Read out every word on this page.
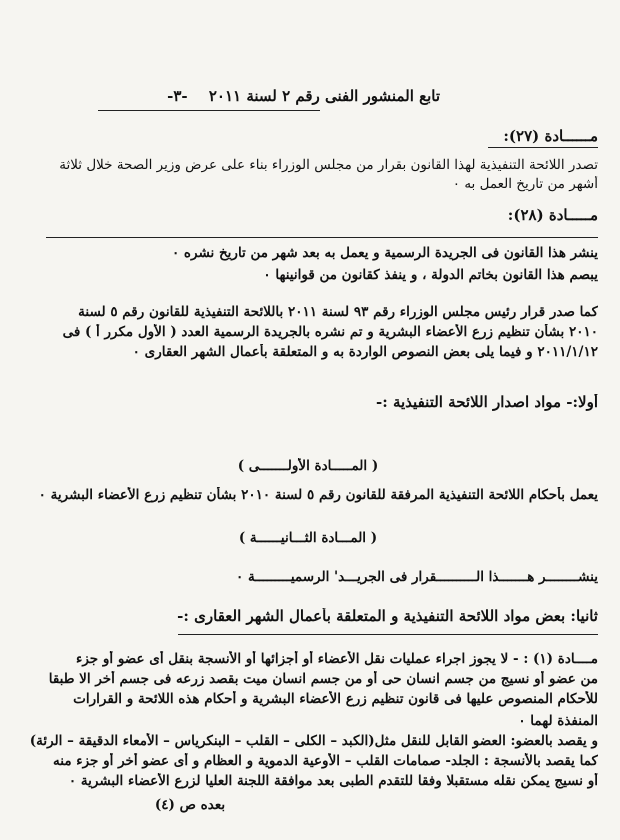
تابع المنشور الفنى رقم ٢ لسنة ٢٠١١ -٣-
مــــــادة (٢٧):
تصدر اللائحة التنفيذية لهذا القانون بقرار من مجلس الوزراء بناء على عرض وزير الصحة خلال ثلاثة
أشهر من تاريخ العمل به ٠
مـــــادة (٢٨):
ينشر هذا القانون فى الجريدة الرسمية و يعمل به بعد شهر من تاريخ نشره ٠
يبصم هذا القانون بخاتم الدولة ، و ينفذ كقانون من قوانينها ٠
كما صدر قرار رئيس مجلس الوزراء رقم ٩٣ لسنة ٢٠١١ باللائحة التنفيذية للقانون رقم ٥ لسنة
٢٠١٠ بشأن تنظيم زرع الأعضاء البشرية و تم نشره بالجريدة الرسمية العدد ( الأول مكرر أ ) فى
٢٠١١/١/١٢ و فيما يلى بعض النصوص الواردة به و المتعلقة بأعمال الشهر العقارى ٠
أولا:- مواد اصدار اللائحة التنفيذية :-
( المـــــادة الأولـــــــى )
يعمل بأحكام اللائحة التنفيذية المرفقة للقانون رقم ٥ لسنة ٢٠١٠ بشأن تنظيم زرع الأعضاء البشرية ٠
( المـــادة الثـــانيــــــة )
ينشــــــــر هـــــــذا الــــــــــقرار فى الجريـــد' الرسميـــــــــة ٠
ثانيا: بعض مواد اللائحة التنفيذية و المتعلقة بأعمال الشهر العقارى :-
مــــادة (١) : - لا يجوز اجراء عمليات نقل الأعضاء أو أجزائها أو الأنسجة بنقل أى عضو أو جزء
من عضو أو نسيج من جسم انسان حى أو من جسم انسان ميت بقصد زرعه فى جسم أخر الا طبقا
للأحكام المنصوص عليها فى قانون تنظيم زرع الأعضاء البشرية و أحكام هذه اللائحة و القرارات
المنفذة لهما ٠
و يقصد بالعضو: العضو القابل للنقل مثل(الكبد – الكلى – القلب – البنكرياس – الأمعاء الدقيقة – الرئة)
كما يقصد بالأنسجة : الجلد- صمامات القلب – الأوعية الدموية و العظام و أى عضو أخر أو جزء منه
أو نسيج يمكن نقله مستقبلا وفقا للتقدم الطبى بعد موافقة اللجنة العليا لزرع الأعضاء البشرية ٠
بعده ص (٤)
